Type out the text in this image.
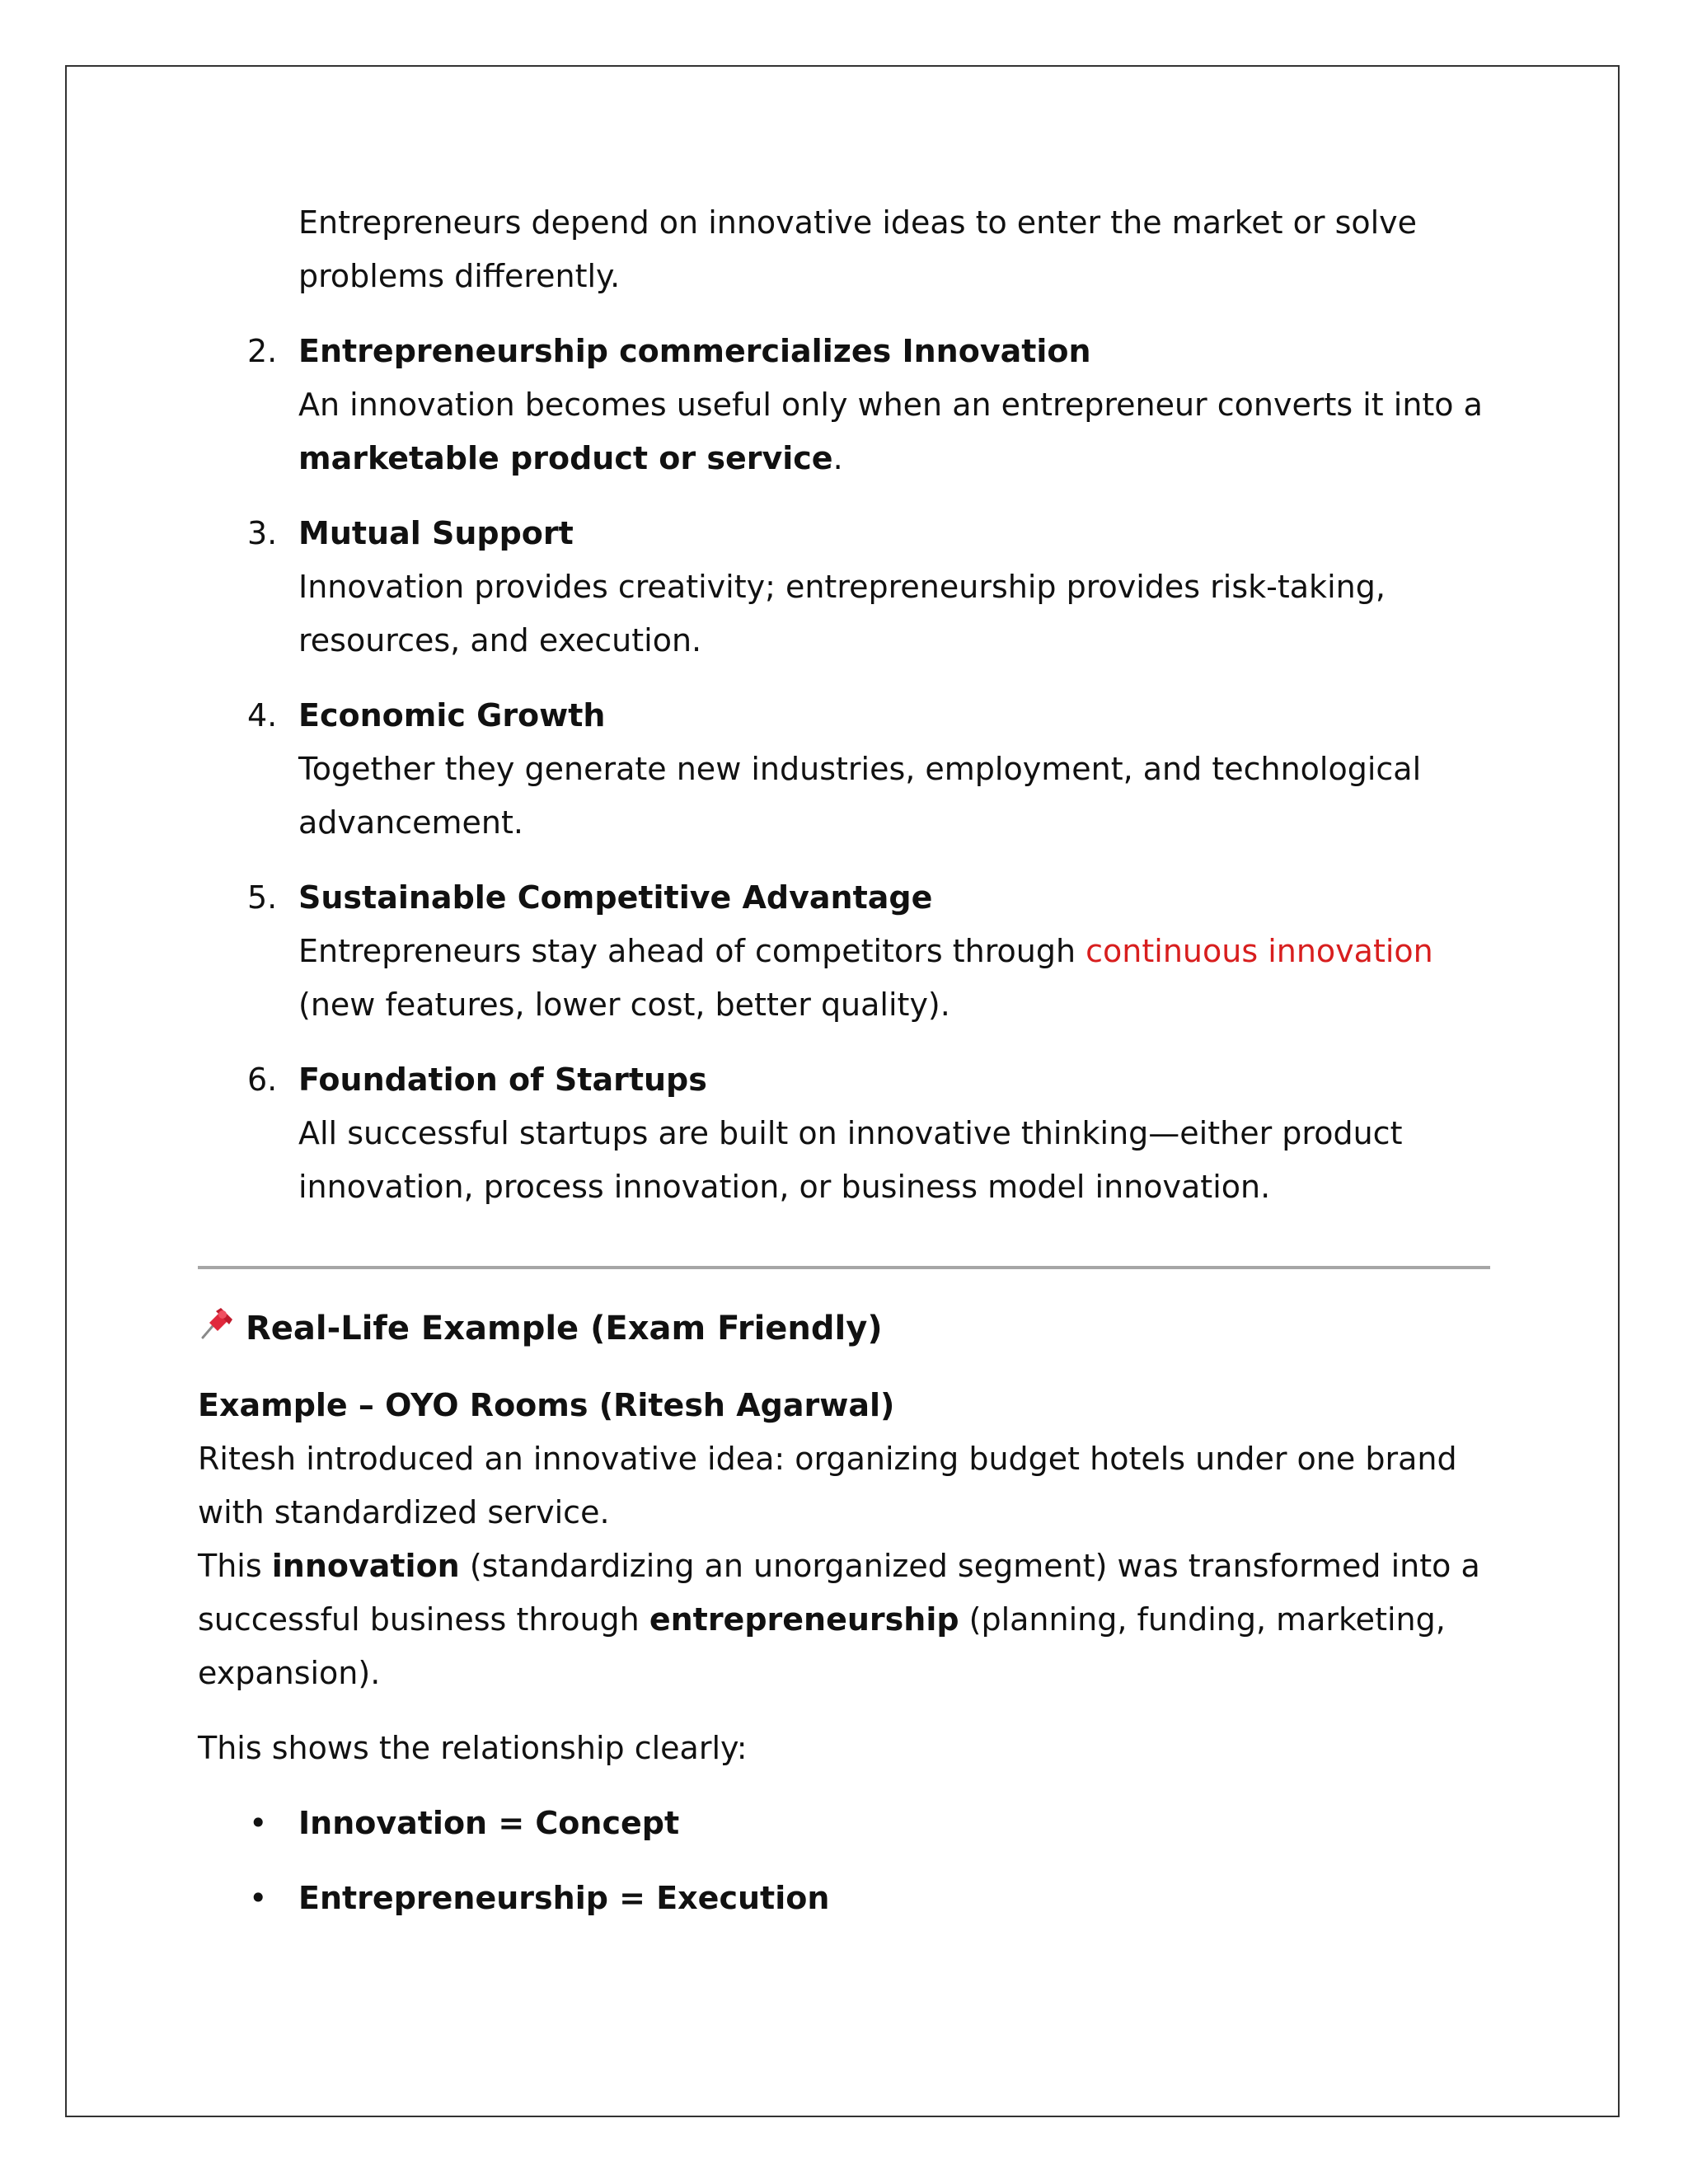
Entrepreneurs depend on innovative ideas to enter the market or solve problems differently.

2. Entrepreneurship commercializes Innovation
An innovation becomes useful only when an entrepreneur converts it into a marketable product or service.
3. Mutual Support
Innovation provides creativity; entrepreneurship provides risk-taking, resources, and execution.
4. Economic Growth
Together they generate new industries, employment, and technological advancement.
5. Sustainable Competitive Advantage
Entrepreneurs stay ahead of competitors through continuous innovation (new features, lower cost, better quality).
6. Foundation of Startups
All successful startups are built on innovative thinking—either product innovation, process innovation, or business model innovation.
Real-Life Example (Exam Friendly)

Example – OYO Rooms (Ritesh Agarwal)

Ritesh introduced an innovative idea: organizing budget hotels under one brand with standardized service.

This innovation (standardizing an unorganized segment) was transformed into a successful business through entrepreneurship (planning, funding, marketing, expansion).

This shows the relationship clearly:

• Innovation = Concept
• Entrepreneurship = Execution
